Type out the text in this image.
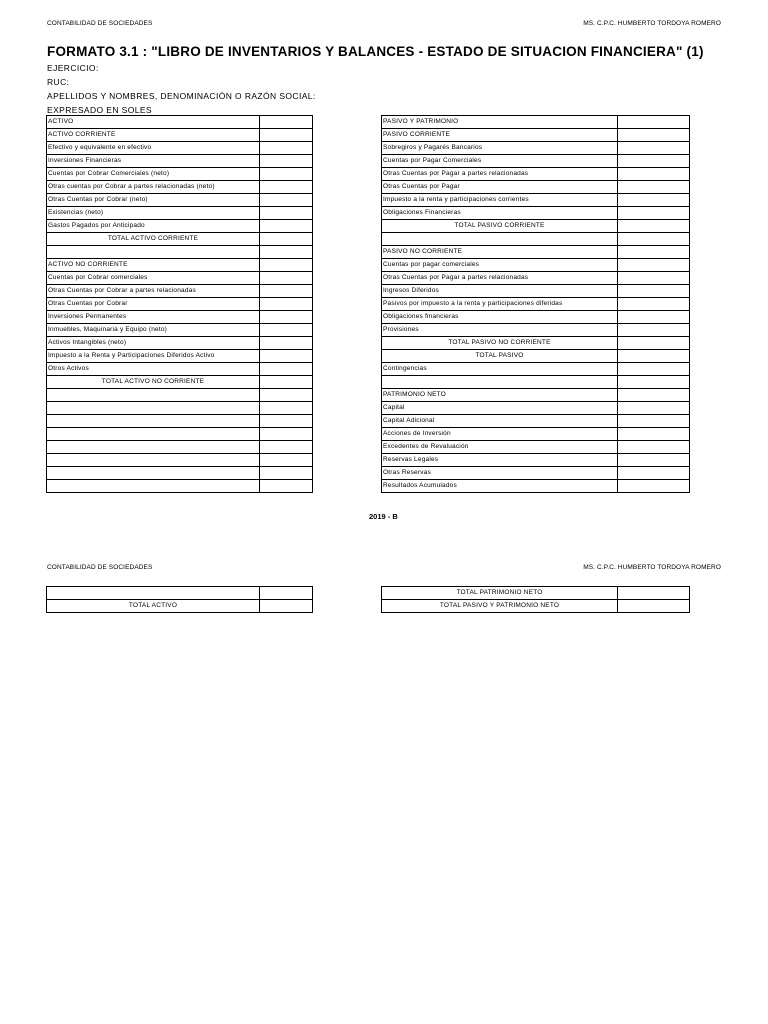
CONTABILIDAD DE SOCIEDADES	MS. C.P.C. HUMBERTO TORDOYA ROMERO
FORMATO 3.1 : "LIBRO DE INVENTARIOS Y BALANCES - ESTADO DE SITUACION FINANCIERA" (1)
EJERCICIO:
RUC:
APELLIDOS Y NOMBRES, DENOMINACIÓN O RAZÓN SOCIAL:
EXPRESADO EN SOLES
ACTIVO	
ACTIVO CORRIENTE	
Efectivo y equivalente en efectivo	
Inversiones Financieras	
Cuentas por Cobrar Comerciales (neto)	
Otras cuentas por Cobrar a partes relacionadas (neto)	
Otras Cuentas por Cobrar (neto)	
Existencias (neto)	
Gastos Pagados por Anticipado	
TOTAL ACTIVO CORRIENTE	

ACTIVO NO CORRIENTE	
Cuentas por Cobrar comerciales	
Otras Cuentas por Cobrar a partes relacionadas	
Otras Cuentas por Cobrar	
Inversiones Permanentes	
Inmuebles, Maquinaria y Equipo (neto)	
Activos Intangibles (neto)	
Impuesto a la Renta y Participaciones Diferidos Activo	
Otros Activos	
TOTAL ACTIVO NO CORRIENTE	

PASIVO Y PATRIMONIO	
PASIVO CORRIENTE	
Sobregiros y Pagarés Bancarios	
Cuentas por Pagar Comerciales	
Otras Cuentas por Pagar a partes relacionadas	
Otras Cuentas por Pagar	
Impuesto a la renta y participaciones corrientes	
Obligaciones Financieras	
TOTAL PASIVO CORRIENTE	

PASIVO NO CORRIENTE	
Cuentas por pagar comerciales	
Otras Cuentas por Pagar a partes relacionadas	
Ingresos Diferidos	
Pasivos por impuesto a la renta y participaciones diferidas	
Obligaciones financieras	
Provisiones	
TOTAL PASIVO NO CORRIENTE	
TOTAL PASIVO	
Contingencias	

PATRIMONIO NETO	
Capital	
Capital Adicional	
Acciones de Inversión	
Excedentes de Revaluación	
Reservas Legales	
Otras Reservas	
Resultados Acumulados	
2019 - B
CONTABILIDAD DE SOCIEDADES	MS. C.P.C. HUMBERTO TORDOYA ROMERO

TOTAL ACTIVO	
TOTAL PATRIMONIO NETO	
TOTAL PASIVO Y PATRIMONIO NETO	
